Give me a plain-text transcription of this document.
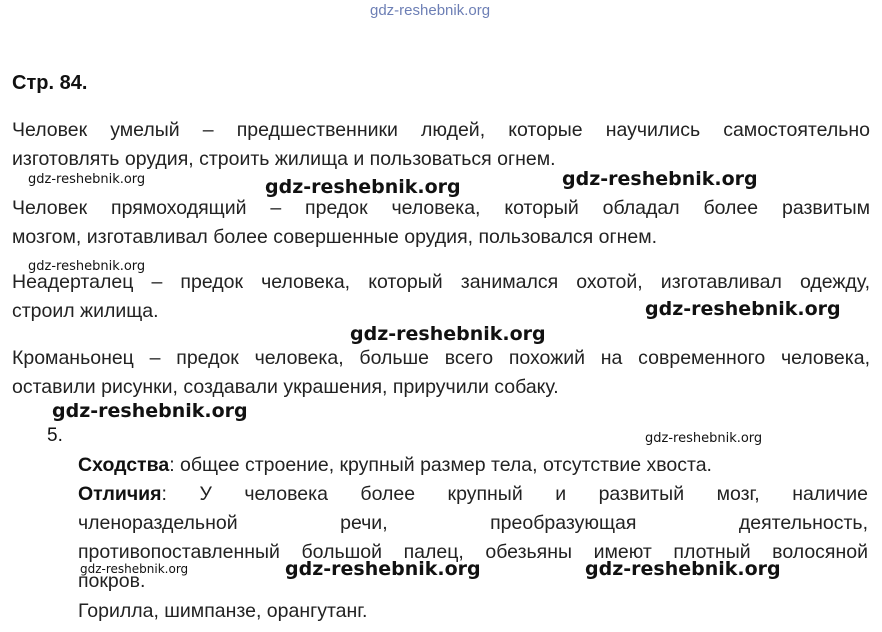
gdz-reshebnik.org
Стр. 84.
Человек умелый – предшественники людей, которые научились самостоятельно
изготовлять орудия, строить жилища и пользоваться огнем.
gdz-reshebnik.org	gdz-reshebnik.org	gdz-reshebnik.org
Человек прямоходящий – предок человека, который обладал более развитым
мозгом, изготавливал более совершенные орудия, пользовался огнем.
gdz-reshebnik.org
Неадерталец – предок человека, который занимался охотой, изготавливал одежду,
строил жилища.	gdz-reshebnik.org
gdz-reshebnik.org
Кроманьонец – предок человека, больше всего похожий на современного человека,
оставили рисунки, создавали украшения, приручили собаку.
gdz-reshebnik.org
5.	gdz-reshebnik.org
Сходства: общее строение, крупный размер тела, отсутствие хвоста.
Отличия: У человека более крупный и развитый мозг, наличие
членораздельной речи, преобразующая деятельность,
противопоставленный большой палец, обезьяны имеют плотный волосяной
покров.
gdz-reshebnik.org	gdz-reshebnik.org	gdz-reshebnik.org
Горилла, шимпанзе, орангутанг.
